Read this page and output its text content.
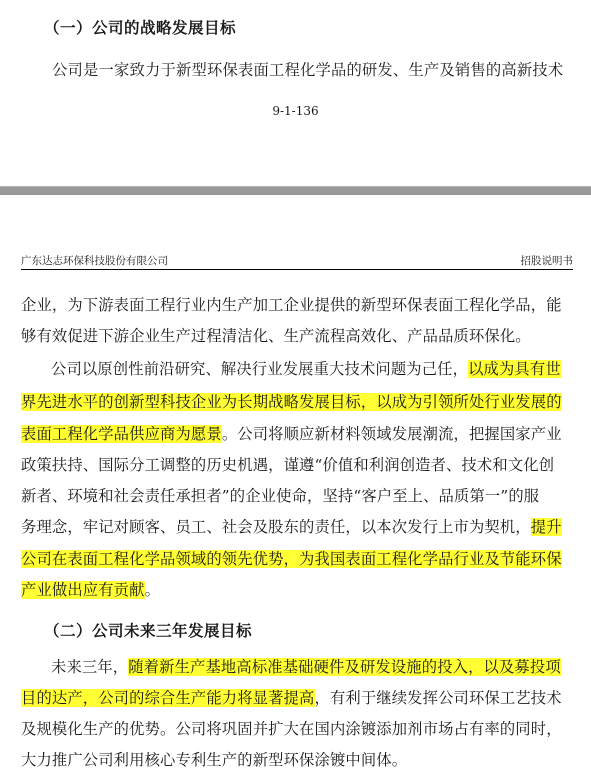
（一）公司的战略发展目标
公司是一家致力于新型环保表面工程化学品的研发、生产及销售的高新技术
9-1-136
广东达志环保科技股份有限公司	招股说明书
企业，为下游表面工程行业内生产加工企业提供的新型环保表面工程化学品，能
够有效促进下游企业生产过程清洁化、生产流程高效化、产品品质环保化。
公司以原创性前沿研究、解决行业发展重大技术问题为己任，以成为具有世
界先进水平的创新型科技企业为长期战略发展目标，以成为引领所处行业发展的
表面工程化学品供应商为愿景。公司将顺应新材料领域发展潮流，把握国家产业
政策扶持、国际分工调整的历史机遇，谨遵“价值和利润创造者、技术和文化创
新者、环境和社会责任承担者”的企业使命，坚持“客户至上、品质第一”的服
务理念，牢记对顾客、员工、社会及股东的责任，以本次发行上市为契机，提升
公司在表面工程化学品领域的领先优势，为我国表面工程化学品行业及节能环保
产业做出应有贡献。
（二）公司未来三年发展目标
未来三年，随着新生产基地高标准基础硬件及研发设施的投入，以及募投项
目的达产，公司的综合生产能力将显著提高，有利于继续发挥公司环保工艺技术
及规模化生产的优势。公司将巩固并扩大在国内涂镀添加剂市场占有率的同时，
大力推广公司利用核心专利生产的新型环保涂镀中间体。
